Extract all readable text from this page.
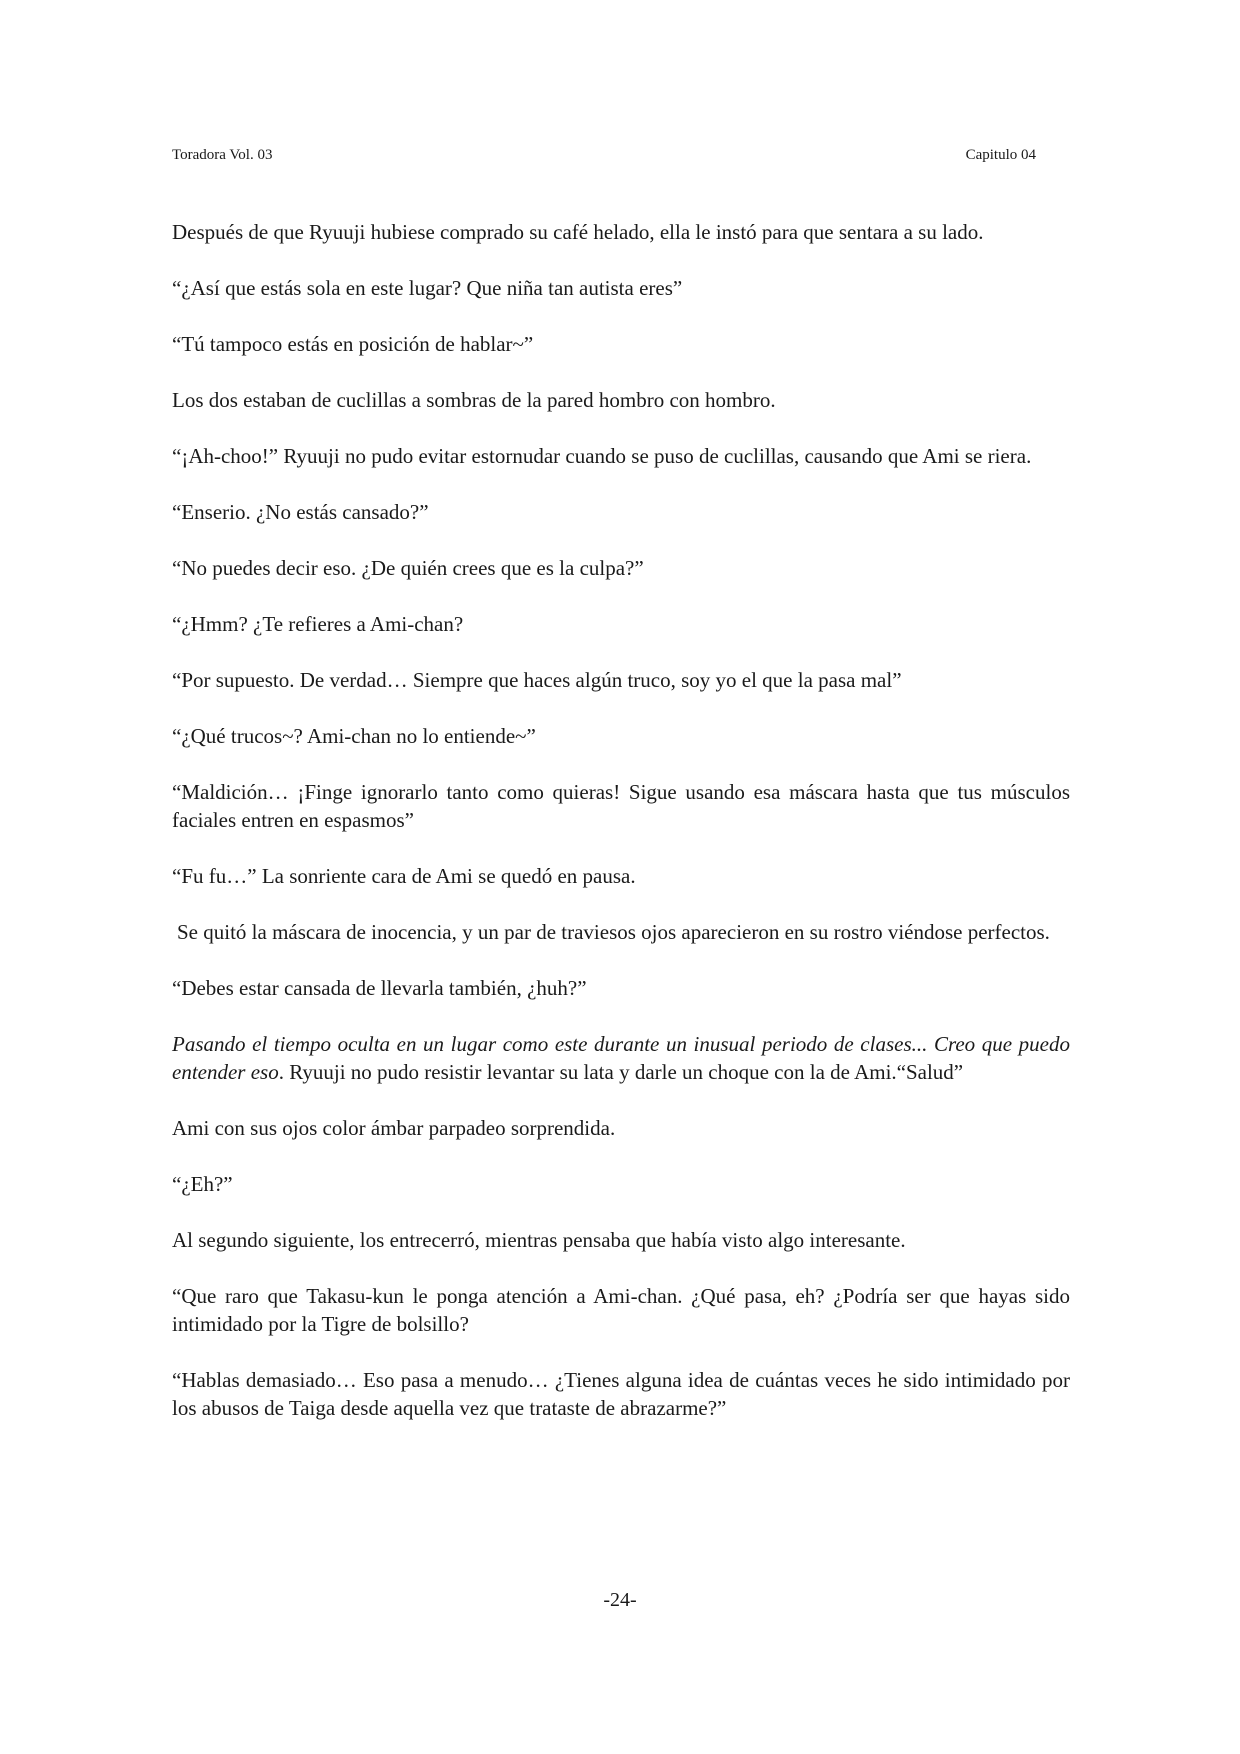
Toradora Vol. 03	Capitulo 04

Después de que Ryuuji hubiese comprado su café helado, ella le instó para que sentara a su lado.

“¿Así que estás sola en este lugar? Que niña tan autista eres”

“Tú tampoco estás en posición de hablar~”

Los dos estaban de cuclillas a sombras de la pared hombro con hombro.

“¡Ah-choo!” Ryuuji no pudo evitar estornudar cuando se puso de cuclillas, causando que Ami se riera.

“Enserio. ¿No estás cansado?”

“No puedes decir eso. ¿De quién crees que es la culpa?”

“¿Hmm? ¿Te refieres a Ami-chan?

“Por supuesto. De verdad… Siempre que haces algún truco, soy yo el que la pasa mal”

“¿Qué trucos~? Ami-chan no lo entiende~”

“Maldición… ¡Finge ignorarlo tanto como quieras! Sigue usando esa máscara hasta que tus músculos faciales entren en espasmos”

“Fu fu…” La sonriente cara de Ami se quedó en pausa.

Se quitó la máscara de inocencia, y un par de traviesos ojos aparecieron en su rostro viéndose perfectos.

“Debes estar cansada de llevarla también, ¿huh?”

Pasando el tiempo oculta en un lugar como este durante un inusual periodo de clases... Creo que puedo entender eso. Ryuuji no pudo resistir levantar su lata y darle un choque con la de Ami.“Salud”

Ami con sus ojos color ámbar parpadeo sorprendida.

“¿Eh?”

Al segundo siguiente, los entrecerró, mientras pensaba que había visto algo interesante.

“Que raro que Takasu-kun le ponga atención a Ami-chan. ¿Qué pasa, eh? ¿Podría ser que hayas sido intimidado por la Tigre de bolsillo?

“Hablas demasiado… Eso pasa a menudo… ¿Tienes alguna idea de cuántas veces he sido intimidado por los abusos de Taiga desde aquella vez que trataste de abrazarme?”

-24-
